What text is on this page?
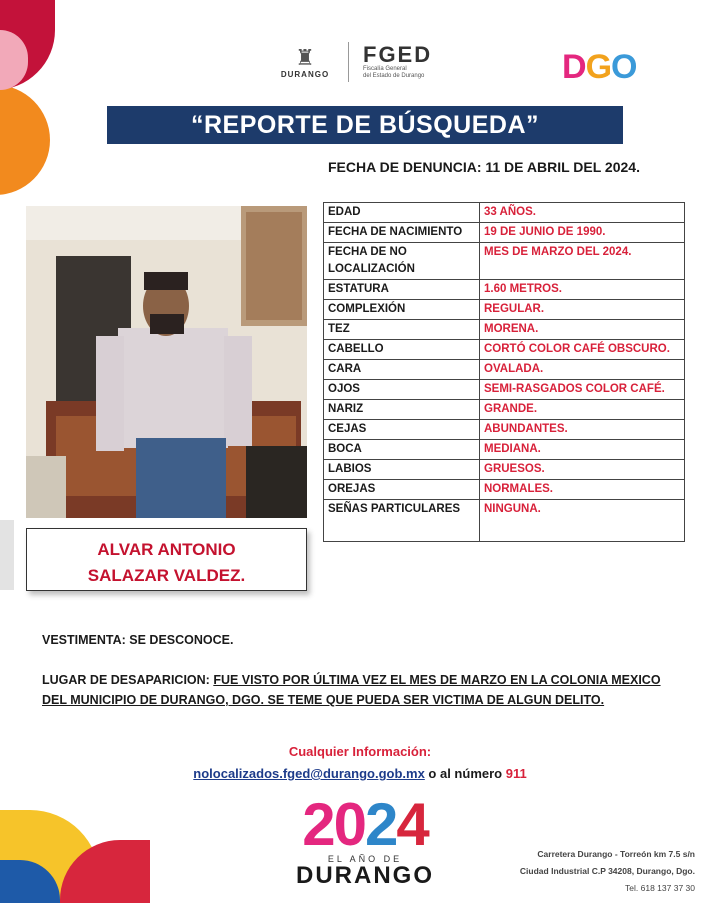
♜
DURANGO
FGED
Fiscalía General
del Estado de Durango	DGO
“REPORTE DE BÚSQUEDA”
FECHA DE DENUNCIA: 11 DE ABRIL DEL 2024.
ALVAR ANTONIO
SALAZAR VALDEZ.
EDAD	33 AÑOS.
FECHA DE NACIMIENTO	19 DE JUNIO DE 1990.
FECHA DE NO LOCALIZACIÓN	MES DE MARZO DEL 2024.
ESTATURA	1.60 METROS.
COMPLEXIÓN	REGULAR.
TEZ	MORENA.
CABELLO	CORTÓ COLOR CAFÉ OBSCURO.
CARA	OVALADA.
OJOS	SEMI-RASGADOS COLOR CAFÉ.
NARIZ	GRANDE.
CEJAS	ABUNDANTES.
BOCA	MEDIANA.
LABIOS	GRUESOS.
OREJAS	NORMALES.
SEÑAS PARTICULARES	NINGUNA.
VESTIMENTA: SE DESCONOCE.
LUGAR DE DESAPARICION: FUE VISTO POR ÚLTIMA VEZ EL MES DE MARZO EN LA COLONIA MEXICO DEL MUNICIPIO DE DURANGO, DGO. SE TEME QUE PUEDA SER VICTIMA DE ALGUN DELITO.
Cualquier Información:
nolocalizados.fged@durango.gob.mx o al número 911
2024
EL AÑO DE
DURANGO
Carretera Durango - Torreón km 7.5 s/n
Ciudad Industrial C.P 34208, Durango, Dgo.
Tel. 618 137 37 30
